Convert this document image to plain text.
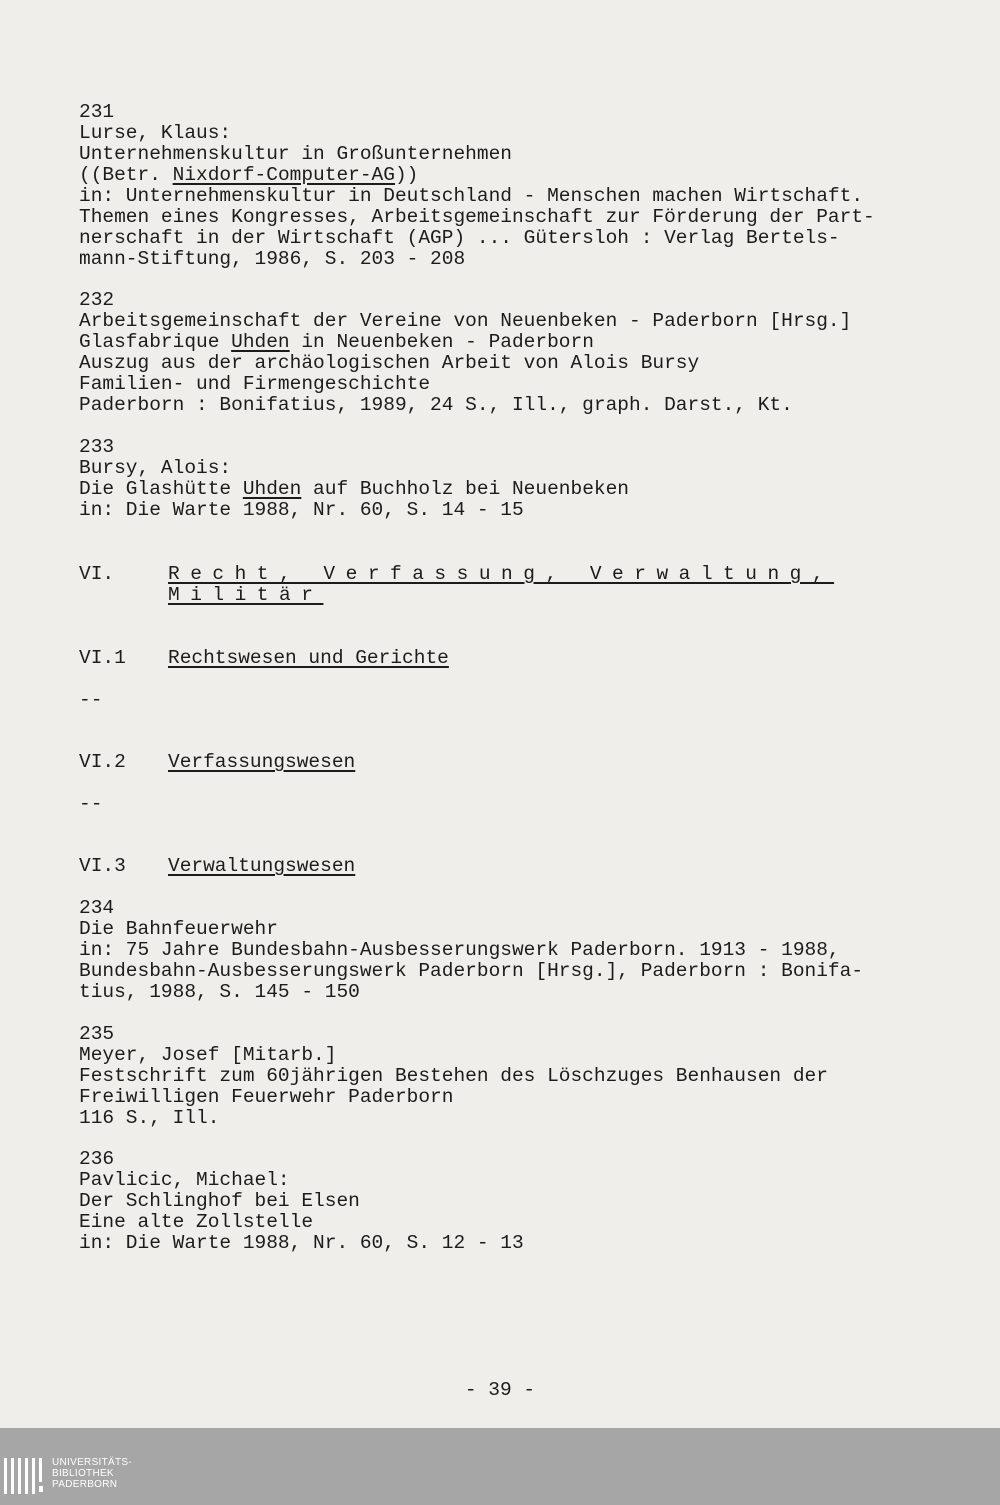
231
Lurse, Klaus:
Unternehmenskultur in Großunternehmen
((Betr. Nixdorf-Computer-AG))
in: Unternehmenskultur in Deutschland - Menschen machen Wirtschaft.
Themen eines Kongresses, Arbeitsgemeinschaft zur Förderung der Part-
nerschaft in der Wirtschaft (AGP) ... Gütersloh : Verlag Bertels-
mann-Stiftung, 1986, S. 203 - 208
232
Arbeitsgemeinschaft der Vereine von Neuenbeken - Paderborn [Hrsg.]
Glasfabrique Uhden in Neuenbeken - Paderborn
Auszug aus der archäologischen Arbeit von Alois Bursy
Familien- und Firmengeschichte
Paderborn : Bonifatius, 1989, 24 S., Ill., graph. Darst., Kt.
233
Bursy, Alois:
Die Glashütte Uhden auf Buchholz bei Neuenbeken
in: Die Warte 1988, Nr. 60, S. 14 - 15
VI.	Recht, Verfassung, Verwaltung,
Militär
VI.1 Rechtswesen und Gerichte
--
VI.2 Verfassungswesen
--
VI.3 Verwaltungswesen
234
Die Bahnfeuerwehr
in: 75 Jahre Bundesbahn-Ausbesserungswerk Paderborn. 1913 - 1988,
Bundesbahn-Ausbesserungswerk Paderborn [Hrsg.], Paderborn : Bonifa-
tius, 1988, S. 145 - 150
235
Meyer, Josef [Mitarb.]
Festschrift zum 60jährigen Bestehen des Löschzuges Benhausen der
Freiwilligen Feuerwehr Paderborn
116 S., Ill.
236
Pavlicic, Michael:
Der Schlinghof bei Elsen
Eine alte Zollstelle
in: Die Warte 1988, Nr. 60, S. 12 - 13
- 39 -
UNIVERSITÄTS-
BIBLIOTHEK
PADERBORN
